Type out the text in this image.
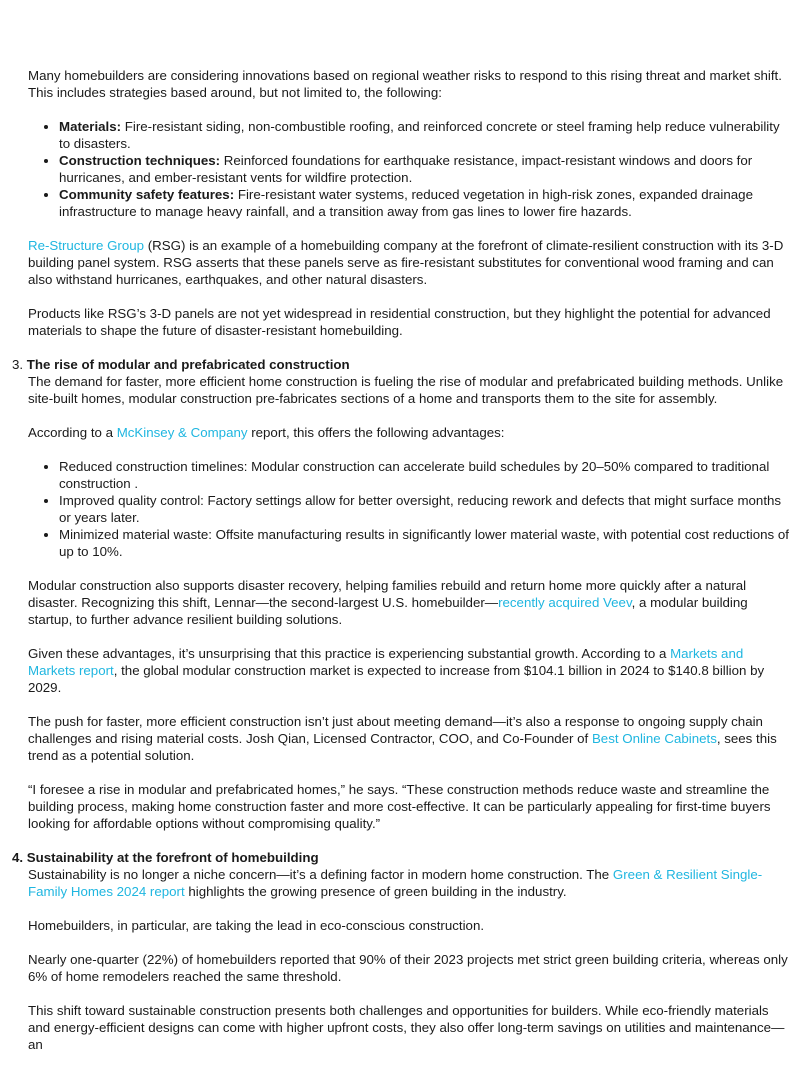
Many homebuilders are considering innovations based on regional weather risks to respond to this rising threat and market shift. This includes strategies based around, but not limited to, the following:

• Materials: Fire-resistant siding, non-combustible roofing, and reinforced concrete or steel framing help reduce vulnerability to disasters.
• Construction techniques: Reinforced foundations for earthquake resistance, impact-resistant windows and doors for hurricanes, and ember-resistant vents for wildfire protection.
• Community safety features: Fire-resistant water systems, reduced vegetation in high-risk zones, expanded drainage infrastructure to manage heavy rainfall, and a transition away from gas lines to lower fire hazards.

Re-Structure Group (RSG) is an example of a homebuilding company at the forefront of climate-resilient construction with its 3-D building panel system. RSG asserts that these panels serve as fire-resistant substitutes for conventional wood framing and can also withstand hurricanes, earthquakes, and other natural disasters.

Products like RSG’s 3-D panels are not yet widespread in residential construction, but they highlight the potential for advanced materials to shape the future of disaster-resistant homebuilding.

3. The rise of modular and prefabricated construction

The demand for faster, more efficient home construction is fueling the rise of modular and prefabricated building methods. Unlike site-built homes, modular construction pre-fabricates sections of a home and transports them to the site for assembly.

According to a McKinsey & Company report, this offers the following advantages:

• Reduced construction timelines: Modular construction can accelerate build schedules by 20–50% compared to traditional construction .
• Improved quality control: Factory settings allow for better oversight, reducing rework and defects that might surface months or years later.
• Minimized material waste: Offsite manufacturing results in significantly lower material waste, with potential cost reductions of up to 10%.

Modular construction also supports disaster recovery, helping families rebuild and return home more quickly after a natural disaster. Recognizing this shift, Lennar—the second-largest U.S. homebuilder—recently acquired Veev, a modular building startup, to further advance resilient building solutions.

Given these advantages, it’s unsurprising that this practice is experiencing substantial growth. According to a Markets and Markets report, the global modular construction market is expected to increase from $104.1 billion in 2024 to $140.8 billion by 2029.

The push for faster, more efficient construction isn’t just about meeting demand—it’s also a response to ongoing supply chain challenges and rising material costs. Josh Qian, Licensed Contractor, COO, and Co-Founder of Best Online Cabinets, sees this trend as a potential solution.

“I foresee a rise in modular and prefabricated homes,” he says. “These construction methods reduce waste and streamline the building process, making home construction faster and more cost-effective. It can be particularly appealing for first-time buyers looking for affordable options without compromising quality.”

4. Sustainability at the forefront of homebuilding

Sustainability is no longer a niche concern—it’s a defining factor in modern home construction. The Green & Resilient Single-Family Homes 2024 report highlights the growing presence of green building in the industry.

Homebuilders, in particular, are taking the lead in eco-conscious construction.

Nearly one-quarter (22%) of homebuilders reported that 90% of their 2023 projects met strict green building criteria, whereas only 6% of home remodelers reached the same threshold.

This shift toward sustainable construction presents both challenges and opportunities for builders. While eco-friendly materials and energy-efficient designs can come with higher upfront costs, they also offer long-term savings on utilities and maintenance—an
